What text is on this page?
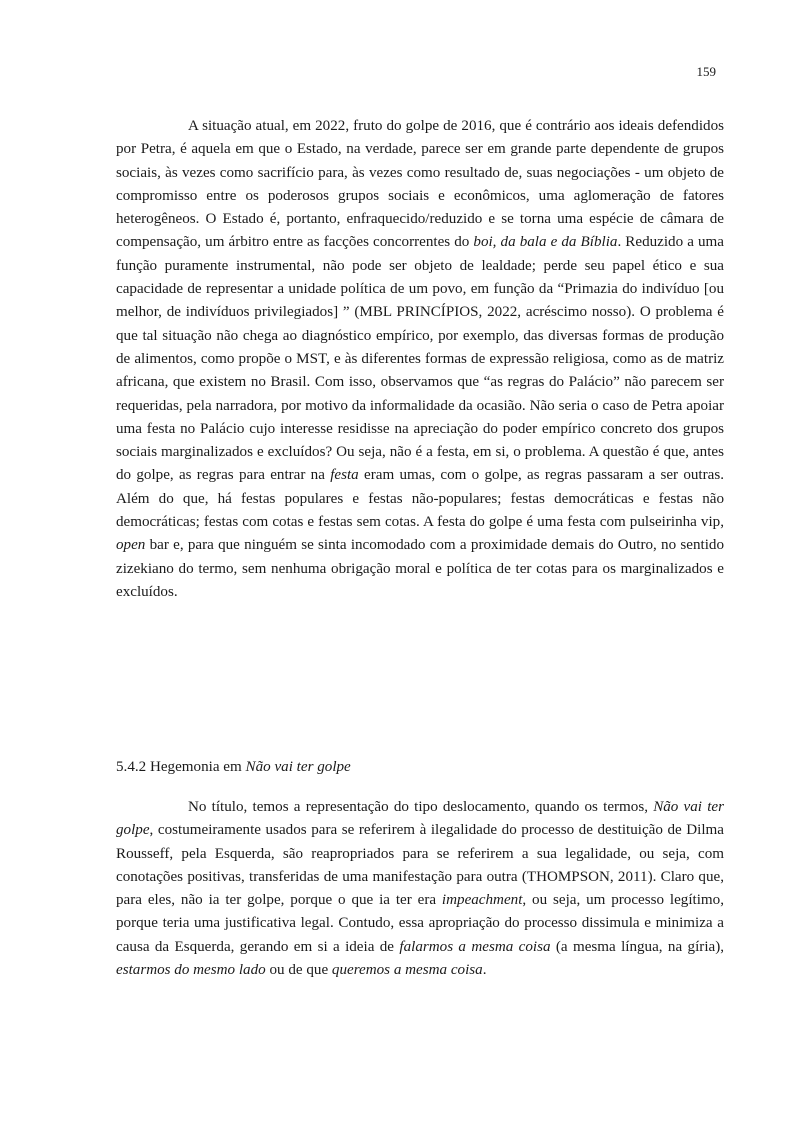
159

A situação atual, em 2022, fruto do golpe de 2016, que é contrário aos ideais defendidos por Petra, é aquela em que o Estado, na verdade, parece ser em grande parte dependente de grupos sociais, às vezes como sacrifício para, às vezes como resultado de, suas negociações - um objeto de compromisso entre os poderosos grupos sociais e econômicos, uma aglomeração de fatores heterogêneos. O Estado é, portanto, enfraquecido/reduzido e se torna uma espécie de câmara de compensação, um árbitro entre as facções concorrentes do boi, da bala e da Bíblia. Reduzido a uma função puramente instrumental, não pode ser objeto de lealdade; perde seu papel ético e sua capacidade de representar a unidade política de um povo, em função da “Primazia do indivíduo [ou melhor, de indivíduos privilegiados] ” (MBL PRINCÍPIOS, 2022, acréscimo nosso). O problema é que tal situação não chega ao diagnóstico empírico, por exemplo, das diversas formas de produção de alimentos, como propõe o MST, e às diferentes formas de expressão religiosa, como as de matriz africana, que existem no Brasil. Com isso, observamos que “as regras do Palácio” não parecem ser requeridas, pela narradora, por motivo da informalidade da ocasião. Não seria o caso de Petra apoiar uma festa no Palácio cujo interesse residisse na apreciação do poder empírico concreto dos grupos sociais marginalizados e excluídos? Ou seja, não é a festa, em si, o problema. A questão é que, antes do golpe, as regras para entrar na festa eram umas, com o golpe, as regras passaram a ser outras. Além do que, há festas populares e festas não-populares; festas democráticas e festas não democráticas; festas com cotas e festas sem cotas. A festa do golpe é uma festa com pulseirinha vip, open bar e, para que ninguém se sinta incomodado com a proximidade demais do Outro, no sentido zizekiano do termo, sem nenhuma obrigação moral e política de ter cotas para os marginalizados e excluídos.

5.4.2 Hegemonia em Não vai ter golpe

No título, temos a representação do tipo deslocamento, quando os termos, Não vai ter golpe, costumeiramente usados para se referirem à ilegalidade do processo de destituição de Dilma Rousseff, pela Esquerda, são reapropriados para se referirem a sua legalidade, ou seja, com conotações positivas, transferidas de uma manifestação para outra (THOMPSON, 2011). Claro que, para eles, não ia ter golpe, porque o que ia ter era impeachment, ou seja, um processo legítimo, porque teria uma justificativa legal. Contudo, essa apropriação do processo dissimula e minimiza a causa da Esquerda, gerando em si a ideia de falarmos a mesma coisa (a mesma língua, na gíria), estarmos do mesmo lado ou de que queremos a mesma coisa.
